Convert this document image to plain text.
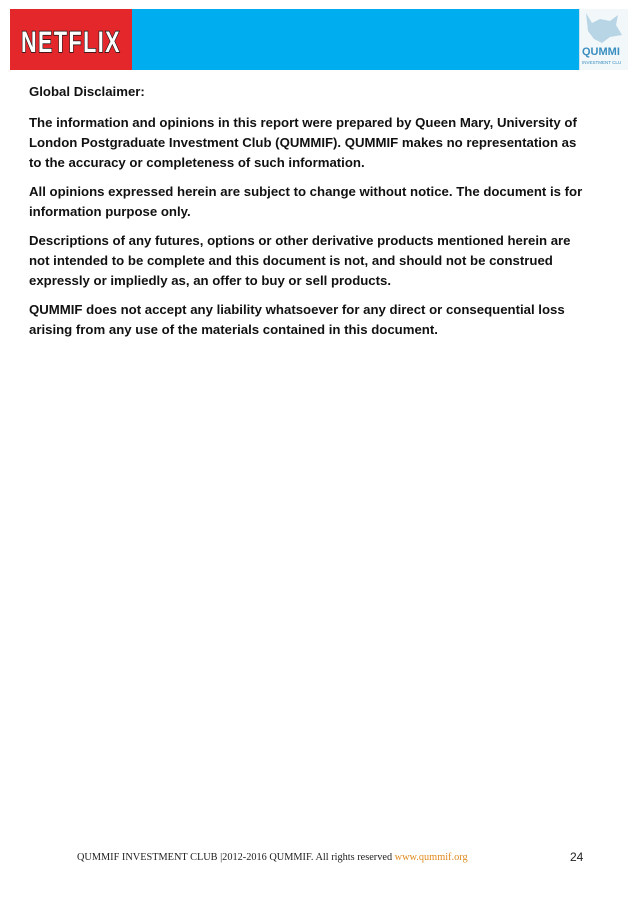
NETFLIX	QUMMI
INVESTMENT CLU

Global Disclaimer:

The information and opinions in this report were prepared by Queen Mary, University of London Postgraduate Investment Club (QUMMIF). QUMMIF makes no representation as to the accuracy or completeness of such information.

All opinions expressed herein are subject to change without notice. The document is for information purpose only.

Descriptions of any futures, options or other derivative products mentioned herein are not intended to be complete and this document is not, and should not be construed expressly or impliedly as, an offer to buy or sell products.

QUMMIF does not accept any liability whatsoever for any direct or consequential loss arising from any use of the materials contained in this document.

QUMMIF INVESTMENT CLUB |2012-2016 QUMMIF. All rights reserved www.qummif.org	24
